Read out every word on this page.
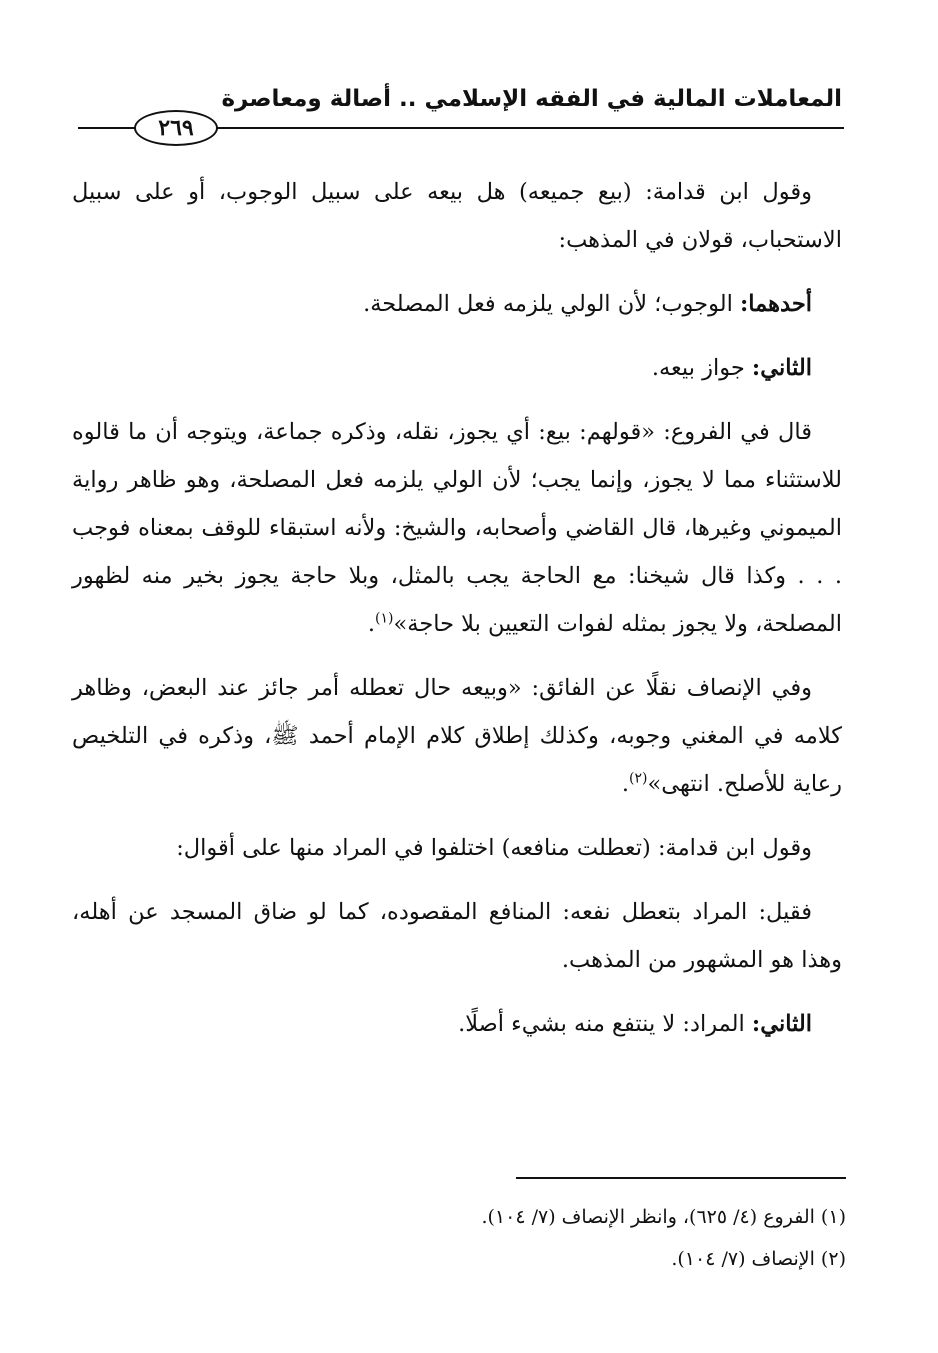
المعاملات المالية في الفقه الإسلامي .. أصالة ومعاصرة
٢٦٩

وقول ابن قدامة: (بيع جميعه) هل بيعه على سبيل الوجوب، أو على سبيل الاستحباب، قولان في المذهب:

أحدهما: الوجوب؛ لأن الولي يلزمه فعل المصلحة.

الثاني: جواز بيعه.

قال في الفروع: «قولهم: بيع: أي يجوز، نقله، وذكره جماعة، ويتوجه أن ما قالوه للاستثناء مما لا يجوز، وإنما يجب؛ لأن الولي يلزمه فعل المصلحة، وهو ظاهر رواية الميموني وغيرها، قال القاضي وأصحابه، والشيخ: ولأنه استبقاء للوقف بمعناه فوجب . . . وكذا قال شيخنا: مع الحاجة يجب بالمثل، وبلا حاجة يجوز بخير منه لظهور المصلحة، ولا يجوز بمثله لفوات التعيين بلا حاجة»$^{(١)}$.

وفي الإنصاف نقلًا عن الفائق: «وبيعه حال تعطله أمر جائز عند البعض، وظاهر كلامه في المغني وجوبه، وكذلك إطلاق كلام الإمام أحمد ﷺ، وذكره في التلخيص رعاية للأصلح. انتهى»$^{(٢)}$.

وقول ابن قدامة: (تعطلت منافعه) اختلفوا في المراد منها على أقوال:

فقيل: المراد بتعطل نفعه: المنافع المقصوده، كما لو ضاق المسجد عن أهله، وهذا هو المشهور من المذهب.

الثاني: المراد: لا ينتفع منه بشيء أصلًا.

(١) الفروع (٤/ ٦٢٥)، وانظر الإنصاف (٧/ ١٠٤).

(٢) الإنصاف (٧/ ١٠٤).
